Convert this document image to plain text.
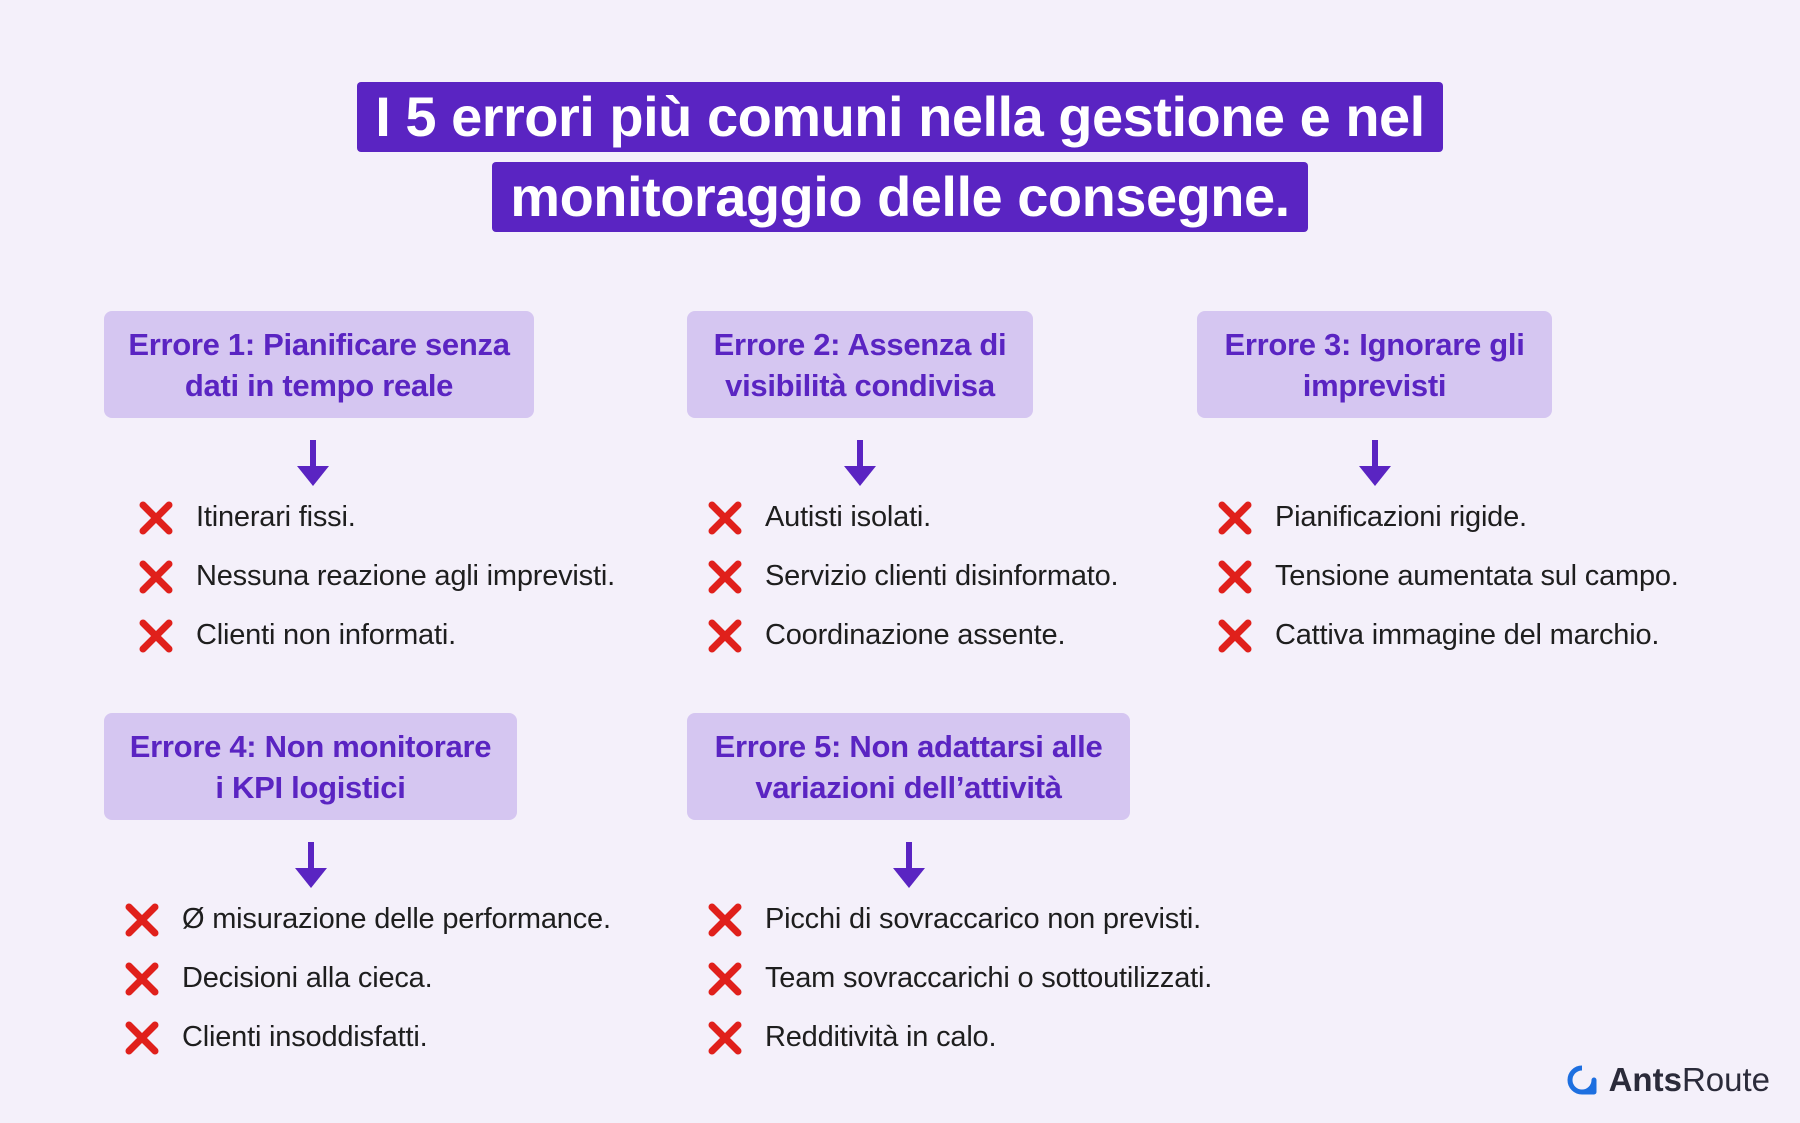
I 5 errori più comuni nella gestione e nel
monitoraggio delle consegne.
Errore 1: Pianificare senza
dati in tempo reale
Itinerari fissi.
Nessuna reazione agli imprevisti.
Clienti non informati.
Errore 2: Assenza di
visibilità condivisa
Autisti isolati.
Servizio clienti disinformato.
Coordinazione assente.
Errore 3: Ignorare gli
imprevisti
Pianificazioni rigide.
Tensione aumentata sul campo.
Cattiva immagine del marchio.
Errore 4: Non monitorare
i KPI logistici
Ø misurazione delle performance.
Decisioni alla cieca.
Clienti insoddisfatti.
Errore 5: Non adattarsi alle
variazioni dell’attività
Picchi di sovraccarico non previsti.
Team sovraccarichi o sottoutilizzati.
Redditività in calo.
AntsRoute
